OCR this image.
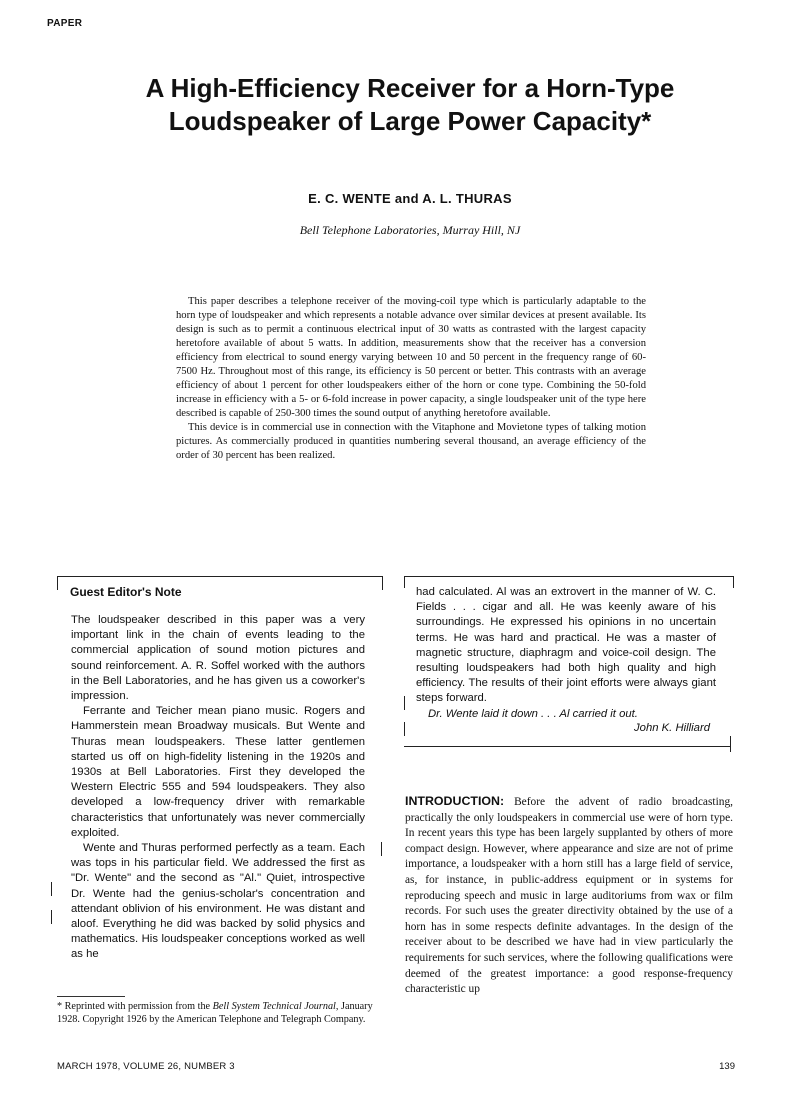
PAPER
A High-Efficiency Receiver for a Horn-Type
Loudspeaker of Large Power Capacity*
E. C. WENTE and A. L. THURAS
Bell Telephone Laboratories, Murray Hill, NJ

This paper describes a telephone receiver of the moving-coil type which is particularly adaptable to the horn type of loudspeaker and which represents a notable advance over similar devices at present available. Its design is such as to permit a continuous electrical input of 30 watts as contrasted with the largest capacity heretofore available of about 5 watts. In addition, measurements show that the receiver has a conversion efficiency from electrical to sound energy varying between 10 and 50 percent in the frequency range of 60-7500 Hz. Throughout most of this range, its efficiency is 50 percent or better. This contrasts with an average efficiency of about 1 percent for other loudspeakers either of the horn or cone type. Combining the 50-fold increase in efficiency with a 5- or 6-fold increase in power capacity, a single loudspeaker unit of the type here described is capable of 250-300 times the sound output of anything heretofore available.

This device is in commercial use in connection with the Vitaphone and Movietone types of talking motion pictures. As commercially produced in quantities numbering several thousand, an average efficiency of the order of 30 percent has been realized.

Guest Editor's Note

The loudspeaker described in this paper was a very important link in the chain of events leading to the commercial application of sound motion pictures and sound reinforcement. A. R. Soffel worked with the authors in the Bell Laboratories, and he has given us a coworker's impression.

Ferrante and Teicher mean piano music. Rogers and Hammerstein mean Broadway musicals. But Wente and Thuras mean loudspeakers. These latter gentlemen started us off on high-fidelity listening in the 1920s and 1930s at Bell Laboratories. First they developed the Western Electric 555 and 594 loudspeakers. They also developed a low-frequency driver with remarkable characteristics that unfortunately was never commercially exploited.

Wente and Thuras performed perfectly as a team. Each was tops in his particular field. We addressed the first as "Dr. Wente" and the second as "Al." Quiet, introspective Dr. Wente had the genius-scholar's concentration and attendant oblivion of his environment. He was distant and aloof. Everything he did was backed by solid physics and mathematics. His loudspeaker conceptions worked as well as he

had calculated. Al was an extrovert in the manner of W. C. Fields . . . cigar and all. He was keenly aware of his surroundings. He expressed his opinions in no uncertain terms. He was hard and practical. He was a master of magnetic structure, diaphragm and voice-coil design. The resulting loudspeakers had both high quality and high efficiency. The results of their joint efforts were always giant steps forward.

Dr. Wente laid it down . . . Al carried it out.

John K. Hilliard

INTRODUCTION: Before the advent of radio broadcasting, practically the only loudspeakers in commercial use were of horn type. In recent years this type has been largely supplanted by others of more compact design. However, where appearance and size are not of prime importance, a loudspeaker with a horn still has a large field of service, as, for instance, in public-address equipment or in systems for reproducing speech and music in large auditoriums from wax or film records. For such uses the greater directivity obtained by the use of a horn has in some respects definite advantages. In the design of the receiver about to be described we have had in view particularly the requirements for such services, where the following qualifications were deemed of the greatest importance: a good response-frequency characteristic up

* Reprinted with permission from the Bell System Technical Journal, January 1928. Copyright 1926 by the American Telephone and Telegraph Company.
MARCH 1978, VOLUME 26, NUMBER 3	139
